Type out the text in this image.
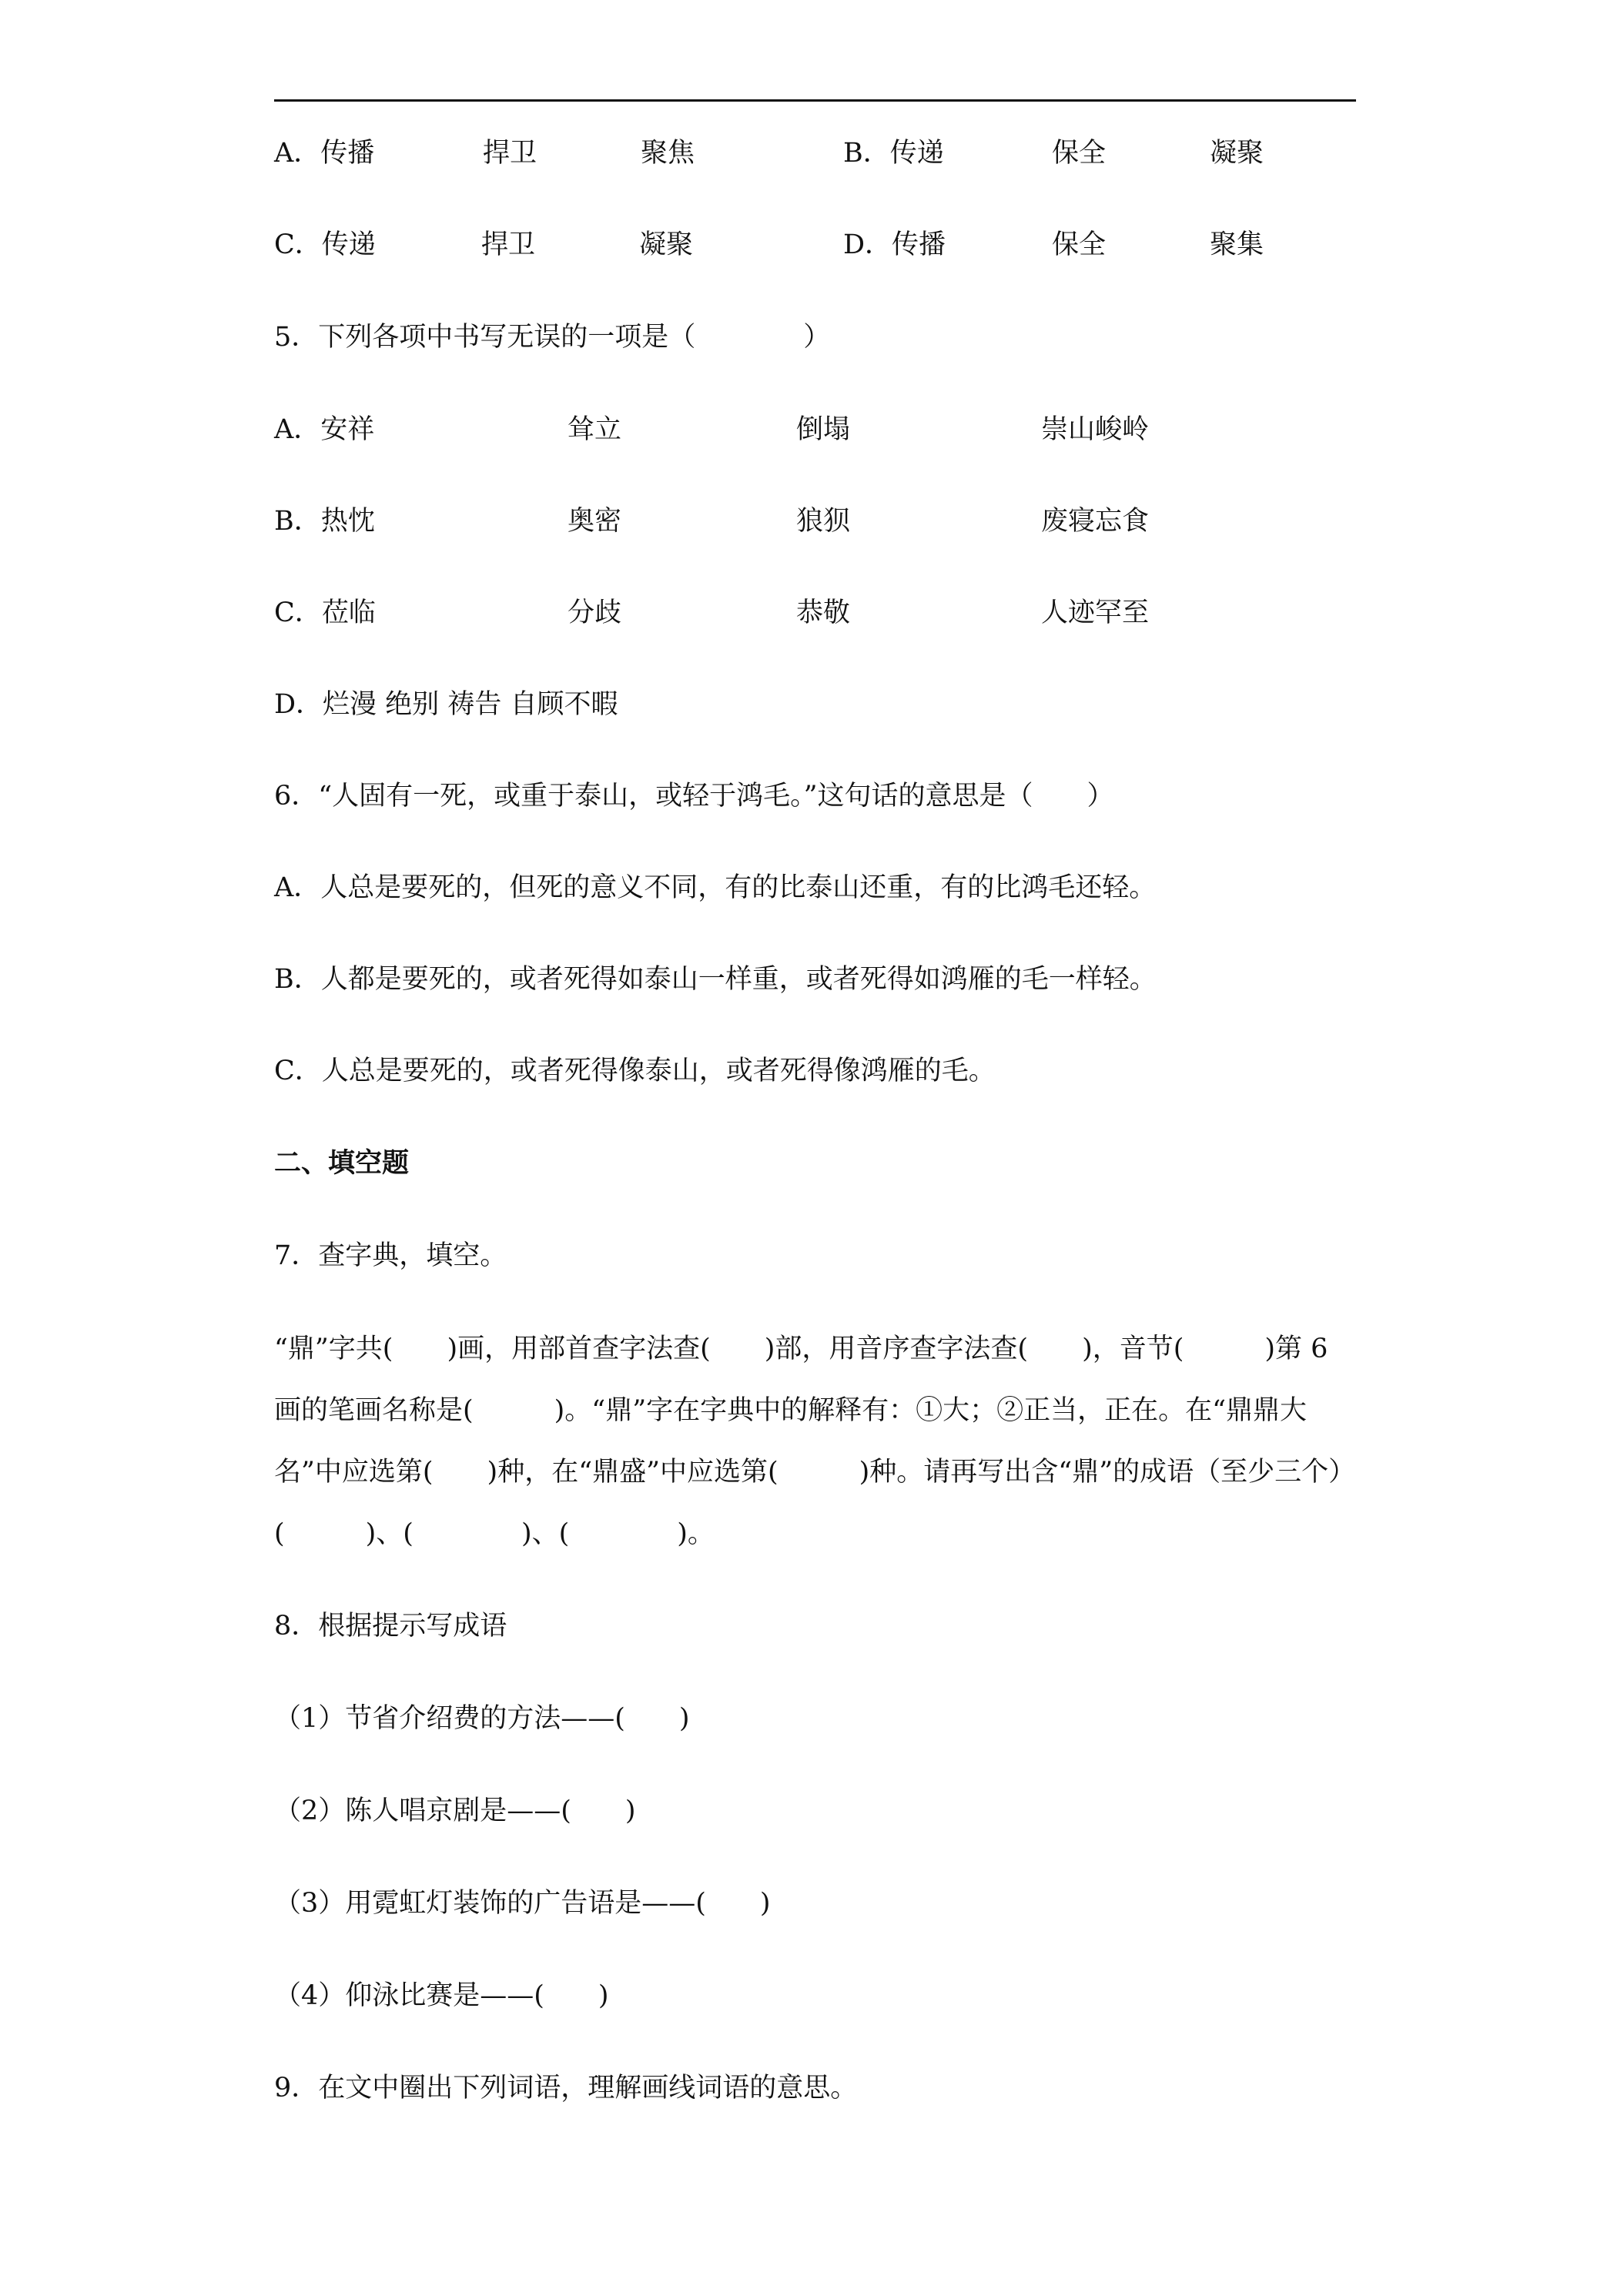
A．传播	捍卫	聚焦	B．传递	保全	凝聚
C．传递	捍卫	凝聚	D．传播	保全	聚集
5．下列各项中书写无误的一项是（　　　　）
A．安祥	耸立	倒塌	崇山峻岭
B．热忱	奥密	狼狈	废寝忘食
C．莅临	分歧	恭敬	人迹罕至
D．烂漫 绝别 祷告 自顾不暇
6．“人固有一死，或重于泰山，或轻于鸿毛。”这句话的意思是（　　）
A．人总是要死的，但死的意义不同，有的比泰山还重，有的比鸿毛还轻。
B．人都是要死的，或者死得如泰山一样重，或者死得如鸿雁的毛一样轻。
C．人总是要死的，或者死得像泰山，或者死得像鸿雁的毛。
二、填空题
7．查字典，填空。
“鼎”字共(　　)画，用部首查字法查(　　)部，用音序查字法查(　　)，音节(　　　)第 6
画的笔画名称是(　　　)。“鼎”字在字典中的解释有：①大；②正当，正在。在“鼎鼎大
名”中应选第(　　)种，在“鼎盛”中应选第(　　　)种。请再写出含“鼎”的成语（至少三个）
(　　　)、(　　　　)、(　　　　)。
8．根据提示写成语
（1）节省介绍费的方法——(　　)
（2）陈人唱京剧是——(　　)
（3）用霓虹灯装饰的广告语是——(　　)
（4）仰泳比赛是——(　　)
9．在文中圈出下列词语，理解画线词语的意思。
